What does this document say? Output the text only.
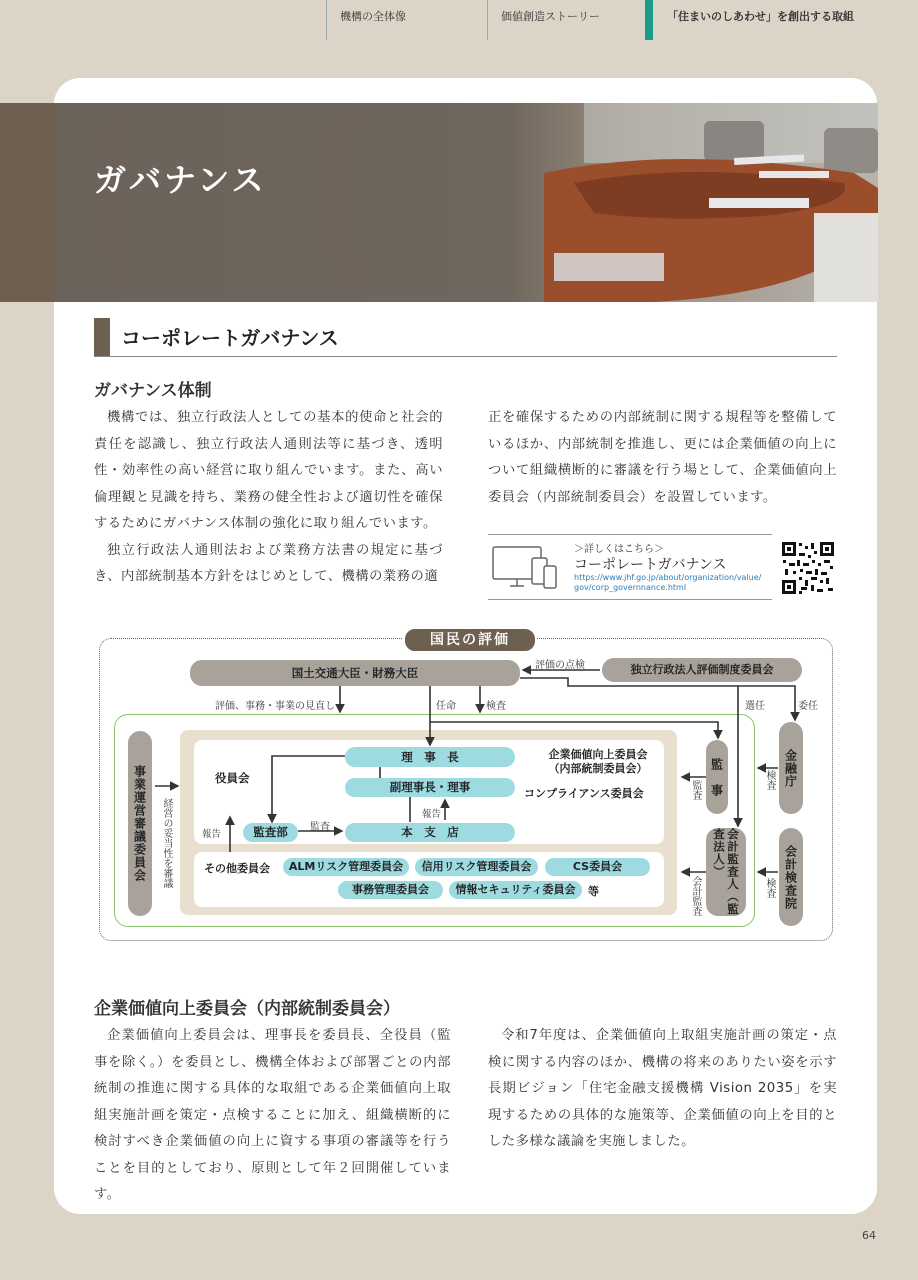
機構の全体像	価値創造ストーリー	「住まいのしあわせ」を創出する取組
ガバナンス
コーポレートガバナンス
ガバナンス体制

機構では、独立行政法人としての基本的使命と社会的責任を認識し、独立行政法人通則法等に基づき、透明性・効率性の高い経営に取り組んでいます。また、高い倫理観と見識を持ち、業務の健全性および適切性を確保するためにガバナンス体制の強化に取り組んでいます。

独立行政法人通則法および業務方法書の規定に基づき、内部統制基本方針をはじめとして、機構の業務の適

正を確保するための内部統制に関する規程等を整備しているほか、内部統制を推進し、更には企業価値の向上について組織横断的に審議を行う場として、企業価値向上委員会（内部統制委員会）を設置しています。

＞詳しくはこちら＞
コーポレートガバナンス
https://www.jhf.go.jp/about/organization/value/
gov/corp_governnance.html
国民の評価
国土交通大臣・財務大臣	独立行政法人評価制度委員会
評価の点検
評価、事務・事業の見直し	任命	検査	選任	委任
事業運営審議委員会 経営の妥当性を審議
役員会
理　事　長
副理事長・理事
報告
企業価値向上委員会
（内部統制委員会）
コンプライアンス委員会
報告	監査部	監査	本　支　店
その他委員会	ALMリスク管理委員会	信用リスク管理委員会	CS委員会
事務管理委員会	情報セキュリティ委員会	等
監査 監　事
会計監査	会計監査人（監査法人）
検査 金融庁
検査 会計検査院
企業価値向上委員会（内部統制委員会）

企業価値向上委員会は、理事長を委員長、全役員（監事を除く。）を委員とし、機構全体および部署ごとの内部統制の推進に関する具体的な取組である企業価値向上取組実施計画を策定・点検することに加え、組織横断的に検討すべき企業価値の向上に資する事項の審議等を行うことを目的としており、原則として年２回開催しています。

令和7年度は、企業価値向上取組実施計画の策定・点検に関する内容のほか、機構の将来のありたい姿を示す長期ビジョン「住宅金融支援機構 Vision 2035」を実現するための具体的な施策等、企業価値の向上を目的とした多様な議論を実施しました。

64
